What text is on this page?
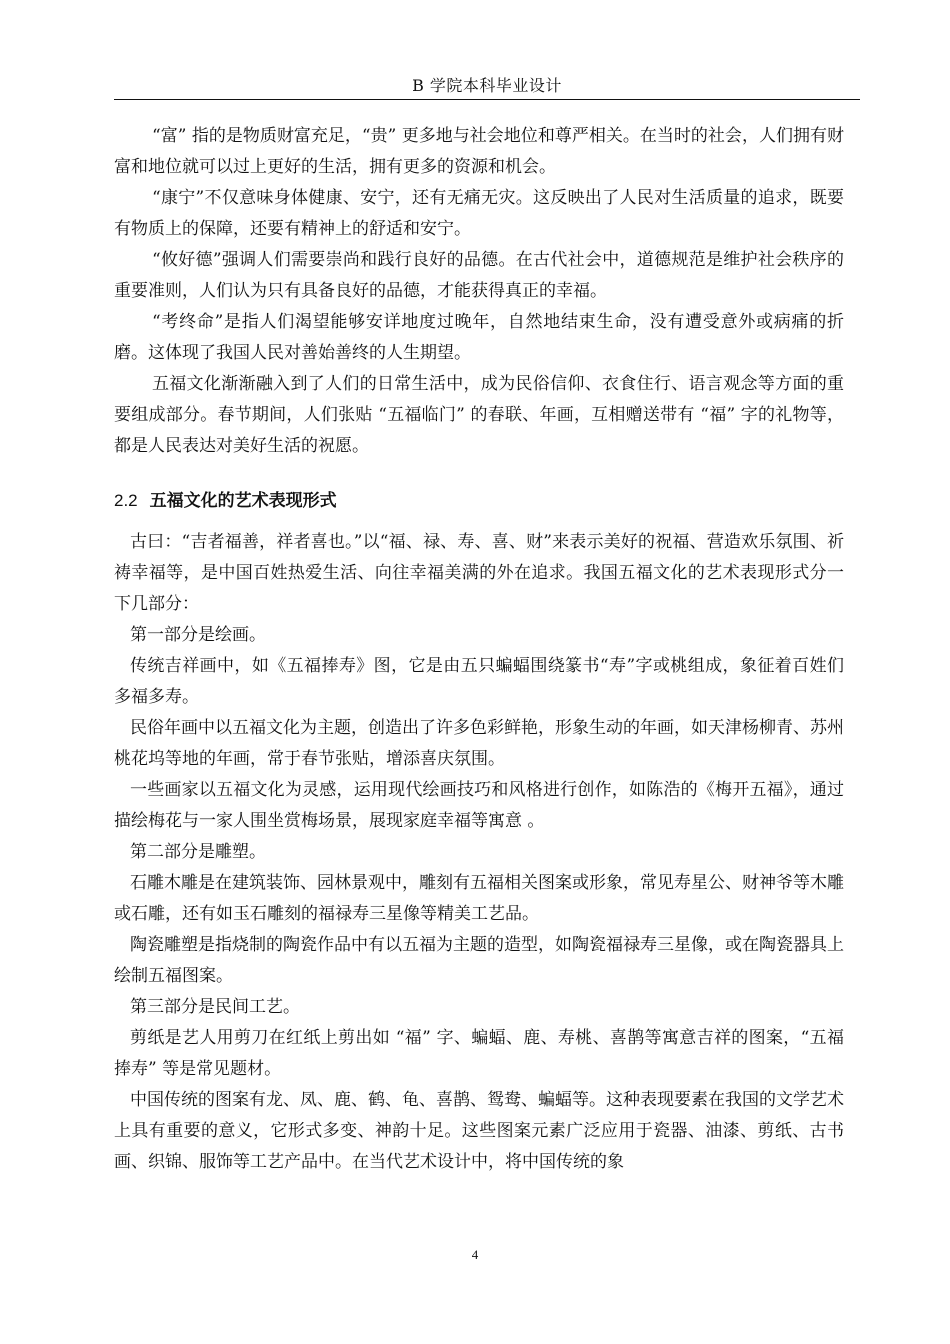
B 学院本科毕业设计

“富” 指的是物质财富充足，“贵” 更多地与社会地位和尊严相关。在当时的社会，人们拥有财富和地位就可以过上更好的生活，拥有更多的资源和机会。

“康宁”不仅意味身体健康、安宁，还有无痛无灾。这反映出了人民对生活质量的追求，既要有物质上的保障，还要有精神上的舒适和安宁。

“攸好德”强调人们需要崇尚和践行良好的品德。在古代社会中，道德规范是维护社会秩序的重要准则，人们认为只有具备良好的品德，才能获得真正的幸福。

“考终命”是指人们渴望能够安详地度过晚年，自然地结束生命，没有遭受意外或病痛的折磨。这体现了我国人民对善始善终的人生期望。

五福文化渐渐融入到了人们的日常生活中，成为民俗信仰、衣食住行、语言观念等方面的重要组成部分。春节期间，人们张贴 “五福临门” 的春联、年画，互相赠送带有 “福” 字的礼物等，都是人民表达对美好生活的祝愿。

2.2 五福文化的艺术表现形式

古曰：“吉者福善，祥者喜也。”以“福、禄、寿、喜、财”来表示美好的祝福、营造欢乐氛围、祈祷幸福等，是中国百姓热爱生活、向往幸福美满的外在追求。我国五福文化的艺术表现形式分一下几部分：

第一部分是绘画。

传统吉祥画中，如《五福捧寿》图，它是由五只蝙蝠围绕篆书“寿”字或桃组成，象征着百姓们多福多寿。

民俗年画中以五福文化为主题，创造出了许多色彩鲜艳，形象生动的年画，如天津杨柳青、苏州桃花坞等地的年画，常于春节张贴，增添喜庆氛围。

一些画家以五福文化为灵感，运用现代绘画技巧和风格进行创作，如陈浩的《梅开五福》，通过描绘梅花与一家人围坐赏梅场景，展现家庭幸福等寓意 。

第二部分是雕塑。

石雕木雕是在建筑装饰、园林景观中，雕刻有五福相关图案或形象，常见寿星公、财神爷等木雕或石雕，还有如玉石雕刻的福禄寿三星像等精美工艺品。

陶瓷雕塑是指烧制的陶瓷作品中有以五福为主题的造型，如陶瓷福禄寿三星像，或在陶瓷器具上绘制五福图案。

第三部分是民间工艺。

剪纸是艺人用剪刀在红纸上剪出如 “福” 字、蝙蝠、鹿、寿桃、喜鹊等寓意吉祥的图案，“五福捧寿” 等是常见题材。

中国传统的图案有龙、凤、鹿、鹤、龟、喜鹊、鸳鸯、蝙蝠等。这种表现要素在我国的文学艺术上具有重要的意义，它形式多变、神韵十足。这些图案元素广泛应用于瓷器、油漆、剪纸、古书画、织锦、服饰等工艺产品中。在当代艺术设计中，将中国传统的象

4
